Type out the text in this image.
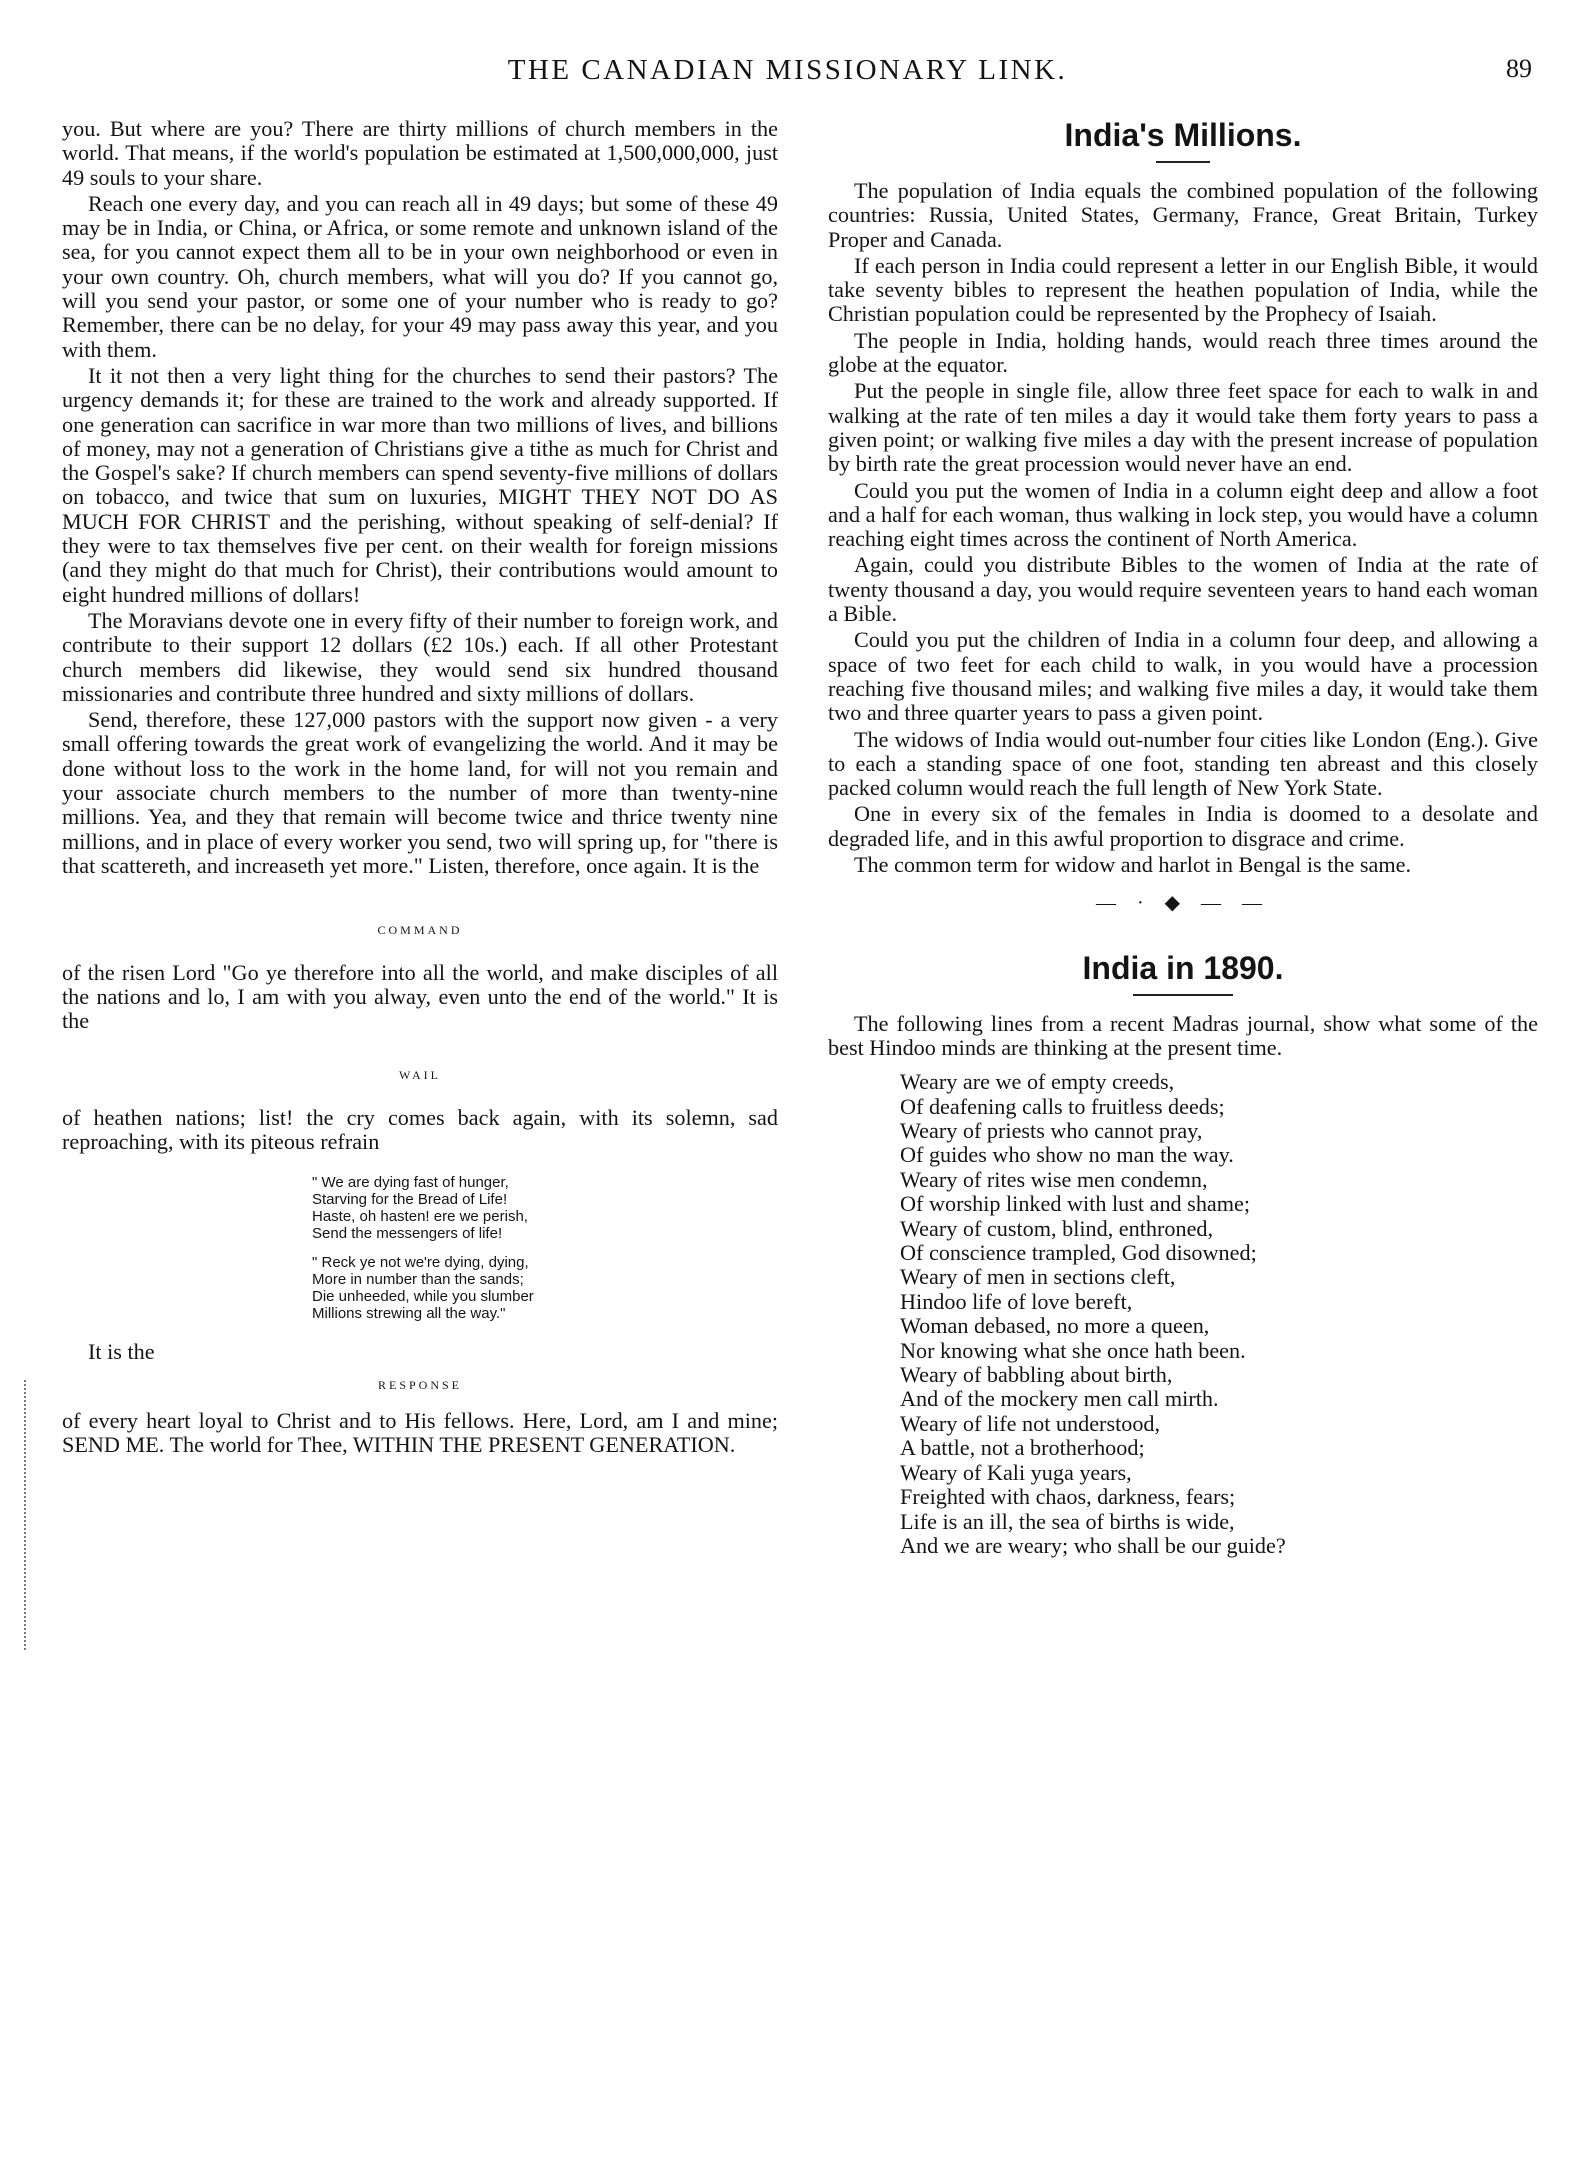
THE CANADIAN MISSIONARY LINK.	89

you. But where are you? There are thirty millions of church members in the world. That means, if the world's population be estimated at 1,500,000,000, just 49 souls to your share.

Reach one every day, and you can reach all in 49 days; but some of these 49 may be in India, or China, or Africa, or some remote and unknown island of the sea, for you cannot expect them all to be in your own neighborhood or even in your own country. Oh, church members, what will you do? If you cannot go, will you send your pastor, or some one of your number who is ready to go? Remember, there can be no delay, for your 49 may pass away this year, and you with them.

It it not then a very light thing for the churches to send their pastors? The urgency demands it; for these are trained to the work and already supported. If one generation can sacrifice in war more than two millions of lives, and billions of money, may not a generation of Christians give a tithe as much for Christ and the Gospel's sake? If church members can spend seventy-five millions of dollars on tobacco, and twice that sum on luxuries, MIGHT THEY NOT DO AS MUCH FOR CHRIST and the perishing, without speaking of self-denial? If they were to tax themselves five per cent. on their wealth for foreign missions (and they might do that much for Christ), their contributions would amount to eight hundred millions of dollars!

The Moravians devote one in every fifty of their number to foreign work, and contribute to their support 12 dollars (£2 10s.) each. If all other Protestant church members did likewise, they would send six hundred thousand missionaries and contribute three hundred and sixty millions of dollars.

Send, therefore, these 127,000 pastors with the support now given - a very small offering towards the great work of evangelizing the world. And it may be done without loss to the work in the home land, for will not you remain and your associate church members to the number of more than twenty-nine millions. Yea, and they that remain will become twice and thrice twenty nine millions, and in place of every worker you send, two will spring up, for "there is that scattereth, and increaseth yet more." Listen, therefore, once again. It is the

COMMAND

of the risen Lord "Go ye therefore into all the world, and make disciples of all the nations and lo, I am with you alway, even unto the end of the world." It is the

WAIL

of heathen nations; list! the cry comes back again, with its solemn, sad reproaching, with its piteous refrain

" We are dying fast of hunger,
Starving for the Bread of Life!
Haste, oh hasten! ere we perish,
Send the messengers of life!
" Reck ye not we're dying, dying,
More in number than the sands;
Die unheeded, while you slumber
Millions strewing all the way."

It is the

RESPONSE

of every heart loyal to Christ and to His fellows. Here, Lord, am I and mine; SEND ME. The world for Thee, WITHIN THE PRESENT GENERATION.

India's Millions.

The population of India equals the combined population of the following countries: Russia, United States, Germany, France, Great Britain, Turkey Proper and Canada.

If each person in India could represent a letter in our English Bible, it would take seventy bibles to represent the heathen population of India, while the Christian population could be represented by the Prophecy of Isaiah.

The people in India, holding hands, would reach three times around the globe at the equator.

Put the people in single file, allow three feet space for each to walk in and walking at the rate of ten miles a day it would take them forty years to pass a given point; or walking five miles a day with the present increase of population by birth rate the great procession would never have an end.

Could you put the women of India in a column eight deep and allow a foot and a half for each woman, thus walking in lock step, you would have a column reaching eight times across the continent of North America.

Again, could you distribute Bibles to the women of India at the rate of twenty thousand a day, you would require seventeen years to hand each woman a Bible.

Could you put the children of India in a column four deep, and allowing a space of two feet for each child to walk, in you would have a procession reaching five thousand miles; and walking five miles a day, it would take them two and three quarter years to pass a given point.

The widows of India would out-number four cities like London (Eng.). Give to each a standing space of one foot, standing ten abreast and this closely packed column would reach the full length of New York State.

One in every six of the females in India is doomed to a desolate and degraded life, and in this awful proportion to disgrace and crime.

The common term for widow and harlot in Bengal is the same.

— · ◆ — —
India in 1890.

The following lines from a recent Madras journal, show what some of the best Hindoo minds are thinking at the present time.

Weary are we of empty creeds,
Of deafening calls to fruitless deeds;
Weary of priests who cannot pray,
Of guides who show no man the way.
Weary of rites wise men condemn,
Of worship linked with lust and shame;
Weary of custom, blind, enthroned,
Of conscience trampled, God disowned;
Weary of men in sections cleft,
Hindoo life of love bereft,
Woman debased, no more a queen,
Nor knowing what she once hath been.
Weary of babbling about birth,
And of the mockery men call mirth.
Weary of life not understood,
A battle, not a brotherhood;
Weary of Kali yuga years,
Freighted with chaos, darkness, fears;
Life is an ill, the sea of births is wide,
And we are weary; who shall be our guide?
